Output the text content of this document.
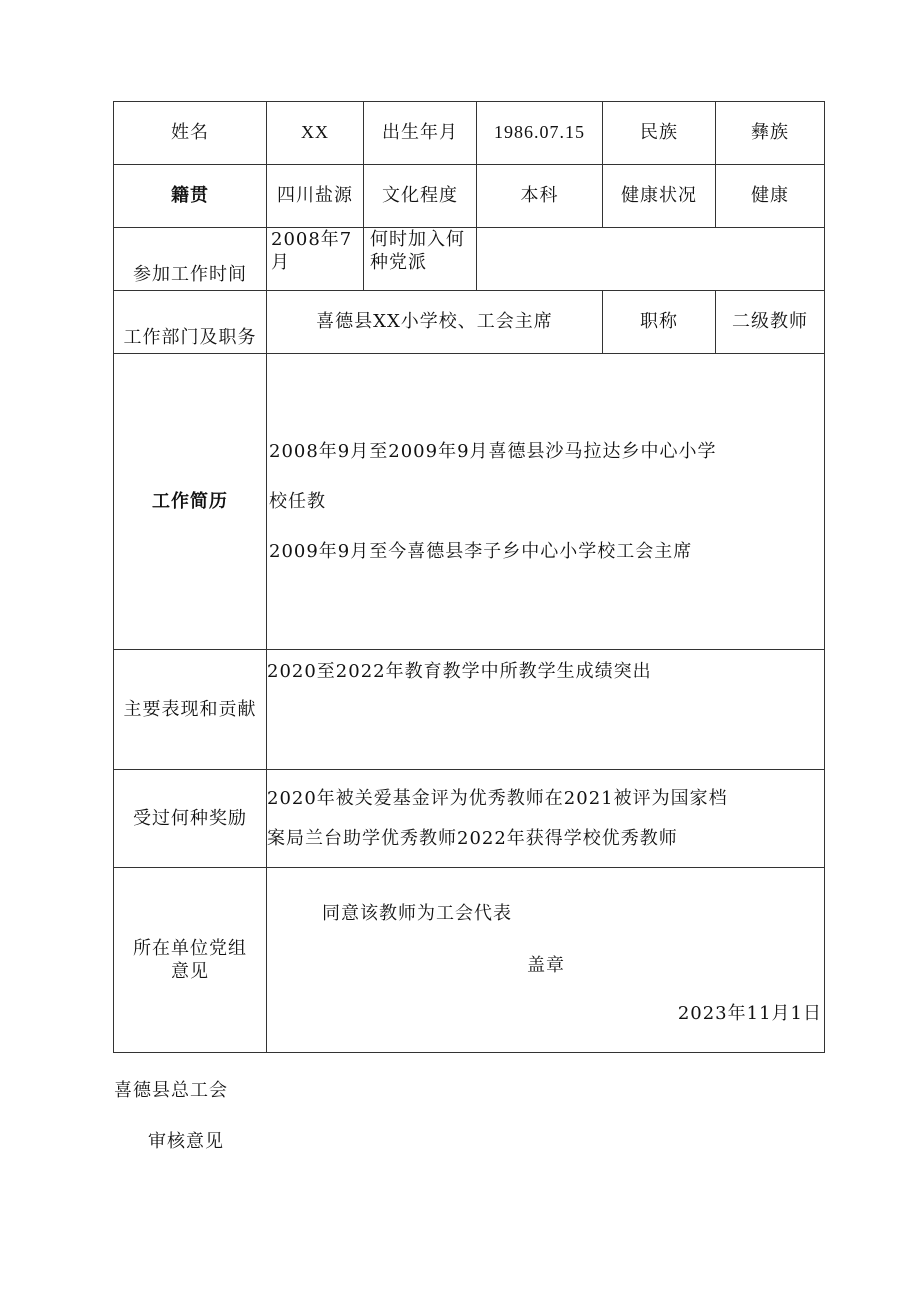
姓名	XX	出生年月	1986.07.15	民族	彝族
籍贯	四川盐源	文化程度	本科	健康状况	健康
参加工作时间	2008年7月	何时加入何种党派			
工作部门及职务	喜德县XX小学校、工会主席			职称	二级教师
工作简历	2008年9月至2009年9月喜德县沙马拉达乡中心小学

校任教

2009年9月至今喜德县李子乡中心小学校工会主席				

主要表现和贡献	2020至2022年教育教学中所教学生成绩突出				

受过何种奖励	2020年被关爱基金评为优秀教师在2021被评为国家档

案局兰台助学优秀教师2022年获得学校优秀教师				

所在单位党组意见	同意该教师为工会代表
盖章
2023年11月1日				
喜德县总工会
审核意见
